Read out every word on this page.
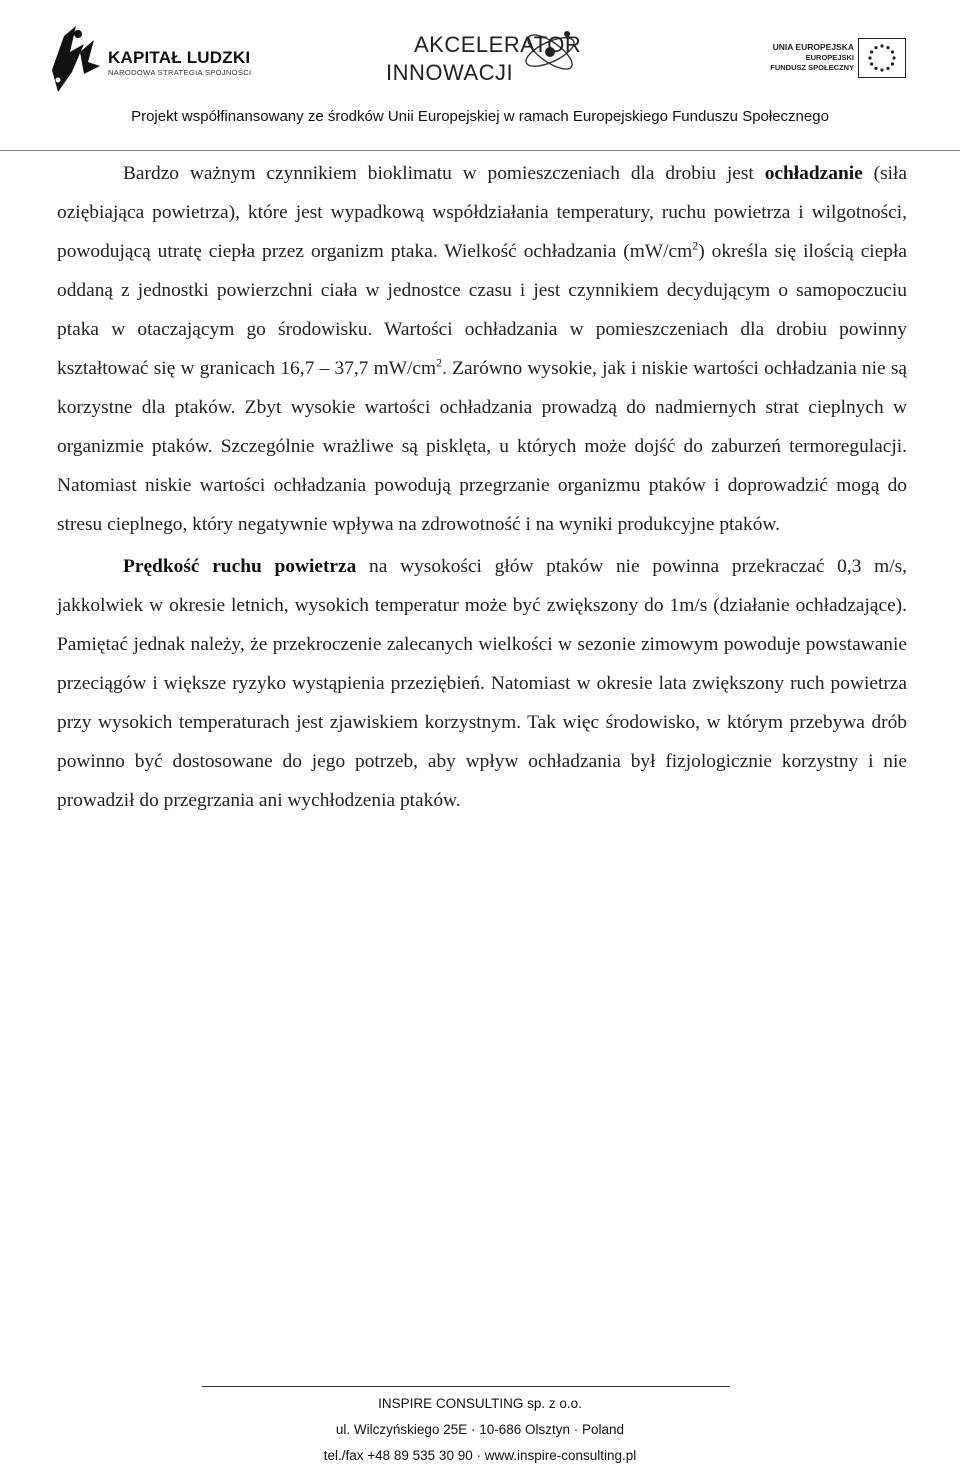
KAPITAŁ LUDZKI
NARODOWA STRATEGIA SPÓJNOŚCI
AKCELERATOR
INNOWACJI
UNIA EUROPEJSKA
EUROPEJSKI
FUNDUSZ SPOŁECZNY
Projekt współfinansowany ze środków Unii Europejskiej w ramach Europejskiego Funduszu Społecznego

Bardzo ważnym czynnikiem bioklimatu w pomieszczeniach dla drobiu jest ochładzanie (siła oziębiająca powietrza), które jest wypadkową współdziałania temperatury, ruchu powietrza i wilgotności, powodującą utratę ciepła przez organizm ptaka. Wielkość ochładzania $(mW/cm^2)$ określa się ilością ciepła oddaną z jednostki powierzchni ciała w jednostce czasu i jest czynnikiem decydującym o samopoczuciu ptaka w otaczającym go środowisku. Wartości ochładzania w pomieszczeniach dla drobiu powinny kształtować się w granicach 16,7 – 37,7 $mW/cm^2$. Zarówno wysokie, jak i niskie wartości ochładzania nie są korzystne dla ptaków. Zbyt wysokie wartości ochładzania prowadzą do nadmiernych strat cieplnych w organizmie ptaków. Szczególnie wrażliwe są pisklęta, u których może dojść do zaburzeń termoregulacji. Natomiast niskie wartości ochładzania powodują przegrzanie organizmu ptaków i doprowadzić mogą do stresu cieplnego, który negatywnie wpływa na zdrowotność i na wyniki produkcyjne ptaków.

Prędkość ruchu powietrza na wysokości głów ptaków nie powinna przekraczać 0,3 m/s, jakkolwiek w okresie letnich, wysokich temperatur może być zwiększony do 1m/s (działanie ochładzające). Pamiętać jednak należy, że przekroczenie zalecanych wielkości w sezonie zimowym powoduje powstawanie przeciągów i większe ryzyko wystąpienia przeziębień. Natomiast w okresie lata zwiększony ruch powietrza przy wysokich temperaturach jest zjawiskiem korzystnym. Tak więc środowisko, w którym przebywa drób powinno być dostosowane do jego potrzeb, aby wpływ ochładzania był fizjologicznie korzystny i nie prowadził do przegrzania ani wychłodzenia ptaków.

INSPIRE CONSULTING sp. z o.o.
ul. Wilczyńskiego 25E · 10-686 Olsztyn · Poland
tel./fax +48 89 535 30 90 · www.inspire-consulting.pl
